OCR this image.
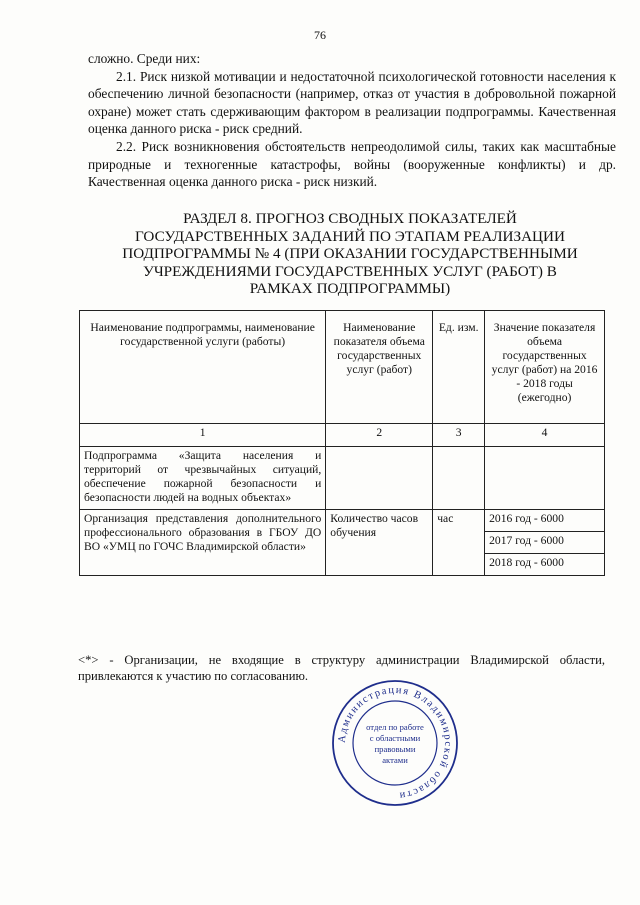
76

сложно. Среди них:

2.1. Риск низкой мотивации и недостаточной психологической готовности населения к обеспечению личной безопасности (например, отказ от участия в добровольной пожарной охране) может стать сдерживающим фактором в реализации подпрограммы. Качественная оценка данного риска - риск средний.

2.2. Риск возникновения обстоятельств непреодолимой силы, таких как масштабные природные и техногенные катастрофы, войны (вооруженные конфликты) и др. Качественная оценка данного риска - риск низкий.

РАЗДЕЛ 8. ПРОГНОЗ СВОДНЫХ ПОКАЗАТЕЛЕЙ ГОСУДАРСТВЕННЫХ ЗАДАНИЙ ПО ЭТАПАМ РЕАЛИЗАЦИИ ПОДПРОГРАММЫ № 4 (ПРИ ОКАЗАНИИ ГОСУДАРСТВЕННЫМИ УЧРЕЖДЕНИЯМИ ГОСУДАРСТВЕННЫХ УСЛУГ (РАБОТ) В РАМКАХ ПОДПРОГРАММЫ)
Наименование подпрограммы, наименование государственной услуги (работы)	Наименование показателя объема государственных услуг (работ)	Ед. изм.	Значение показателя объема государственных услуг (работ) на 2016 - 2018 годы (ежегодно)
1	2	3	4
Подпрограмма «Защита населения и территорий от чрезвычайных ситуаций, обеспечение пожарной безопасности и безопасности людей на водных объектах»			
Организация представления дополнительного профессионального образования в ГБОУ ДО ВО «УМЦ по ГОЧС Владимирской области»	Количество часов обучения	час	2016 год - 6000
			2017 год - 6000
			2018 год - 6000
<*> - Организации, не входящие в структуру администрации Владимирской области, привлекаются к участию по согласованию.
Администрация Владимирской области
отдел по работе
с областными
правовыми
актами
